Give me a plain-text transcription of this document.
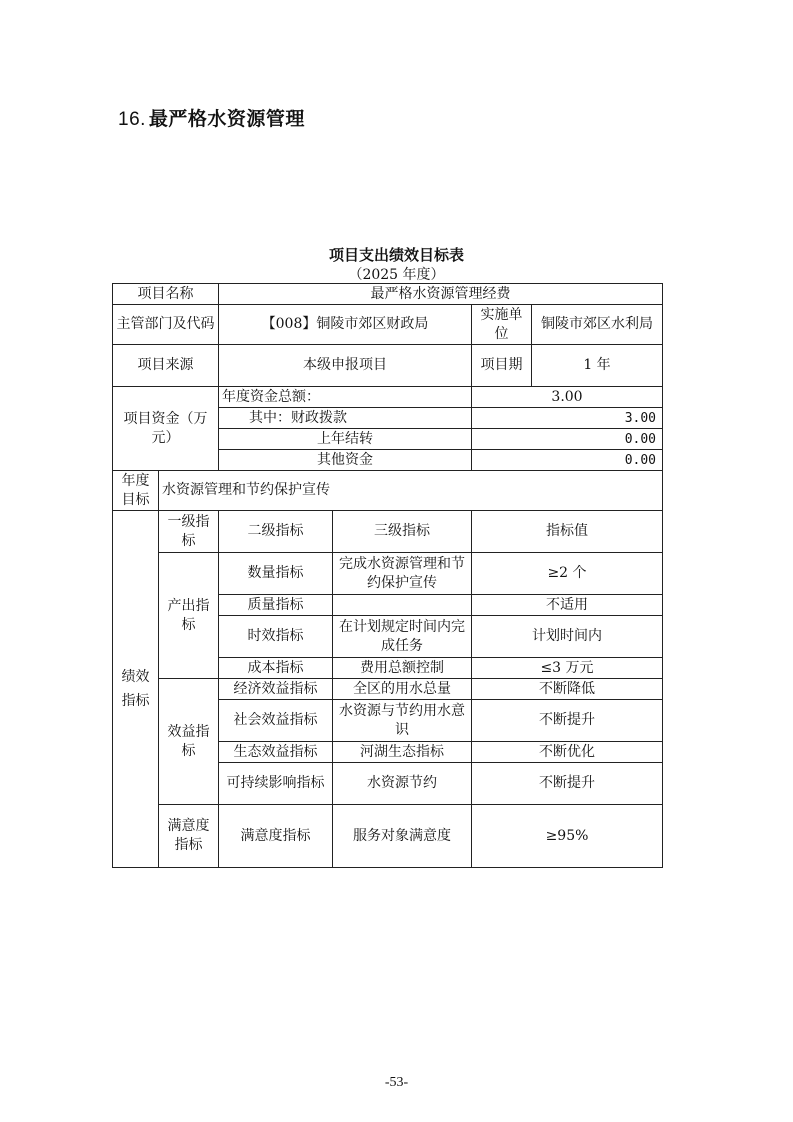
16. 最严格水资源管理
项目支出绩效目标表
（2025 年度）
项目名称		最严格水资源管理经费			
主管部门及代码		【008】铜陵市郊区财政局		实施单位	铜陵市郊区水利局
项目来源		本级申报项目		项目期	1 年
项目资金（万元）		年度资金总额：		3.00	
		其中：财政拨款		3.00	
		上年结转		0.00	
		其他资金		0.00	
年度目标	水资源管理和节约保护宣传				
绩效指标	一级指标	二级指标	三级指标	指标值	
	产出指标	数量指标	完成水资源管理和节约保护宣传	≥2 个	
		质量指标		不适用	
		时效指标	在计划规定时间内完成任务	计划时间内	
		成本指标	费用总额控制	≤3 万元	
	效益指标	经济效益指标	全区的用水总量	不断降低	
		社会效益指标	水资源与节约用水意识	不断提升	
		生态效益指标	河湖生态指标	不断优化	
		可持续影响指标	水资源节约	不断提升	
	满意度指标	满意度指标	服务对象满意度	≥95%	
-53-
